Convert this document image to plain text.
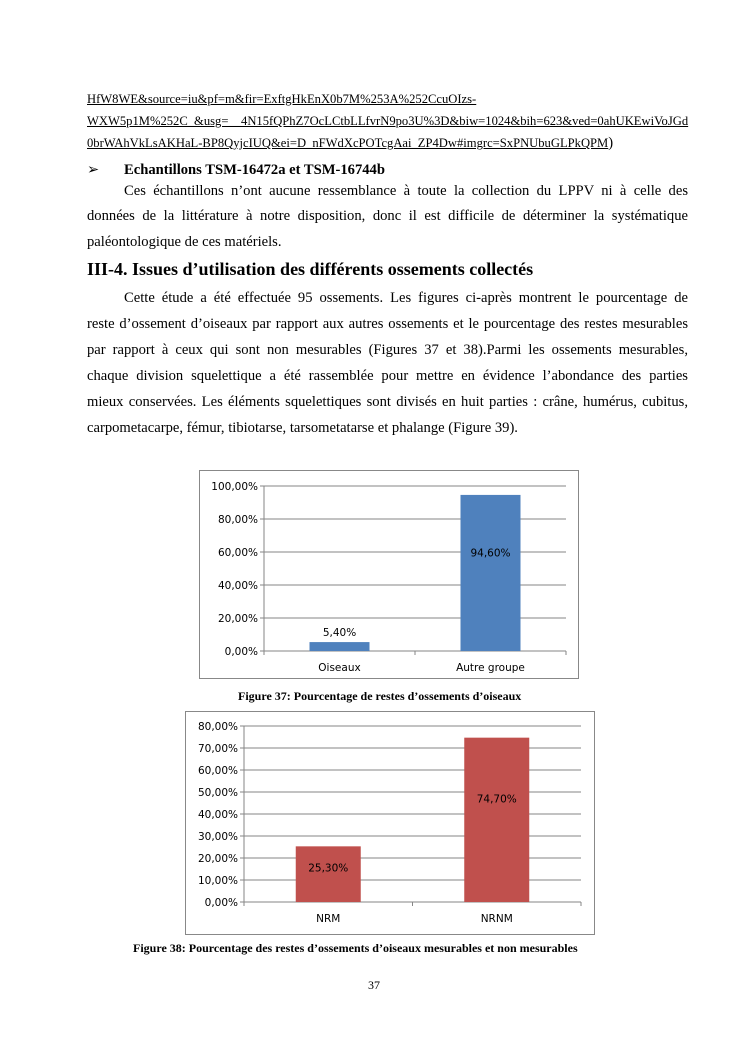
HfW8WE&source=iu&pf=m&fir=ExftgHkEnX0b7M%253A%252CcuOIzs-
WXW5p1M%252C_&usg=__4N15fQPhZ7OcLCtbLLfvrN9po3U%3D&biw=1024&bih=623&ved=0ahUKEwiVoJGd
0brWAhVkLsAKHaL-BP8QyjcIUQ&ei=D_nFWdXcPOTcgAai_ZP4Dw#imgrc=SxPNUbuGLPkQPM)
➢ Echantillons TSM-16472a et TSM-16744b
Ces échantillons n’ont aucune ressemblance à toute la collection du LPPV ni à celle des
données de la littérature à notre disposition, donc il est difficile de déterminer la systématique
paléontologique de ces matériels.
III-4. Issues d’utilisation des différents ossements collectés
Cette étude a été effectuée 95 ossements. Les figures ci-après montrent le pourcentage de
reste d’ossement d’oiseaux par rapport aux autres ossements et le pourcentage des restes mesurables
par rapport à ceux qui sont non mesurables (Figures 37 et 38).Parmi les ossements mesurables,
chaque division squelettique a été rassemblée pour mettre en évidence l’abondance des parties
mieux conservées. Les éléments squelettiques sont divisés en huit parties : crâne, humérus, cubitus,
carpometacarpe, fémur, tibiotarse, tarsometatarse et phalange (Figure 39).
0,00%
20,00%
40,00%
60,00%
80,00%
100,00%
5,40%
Oiseaux
94,60%
Autre groupe
Figure 37: Pourcentage de restes d’ossements d’oiseaux
0,00%
10,00%
20,00%
30,00%
40,00%
50,00%
60,00%
70,00%
80,00%
25,30%
NRM
74,70%
NRNM
Figure 38: Pourcentage des restes d’ossements d’oiseaux mesurables et non mesurables
37
